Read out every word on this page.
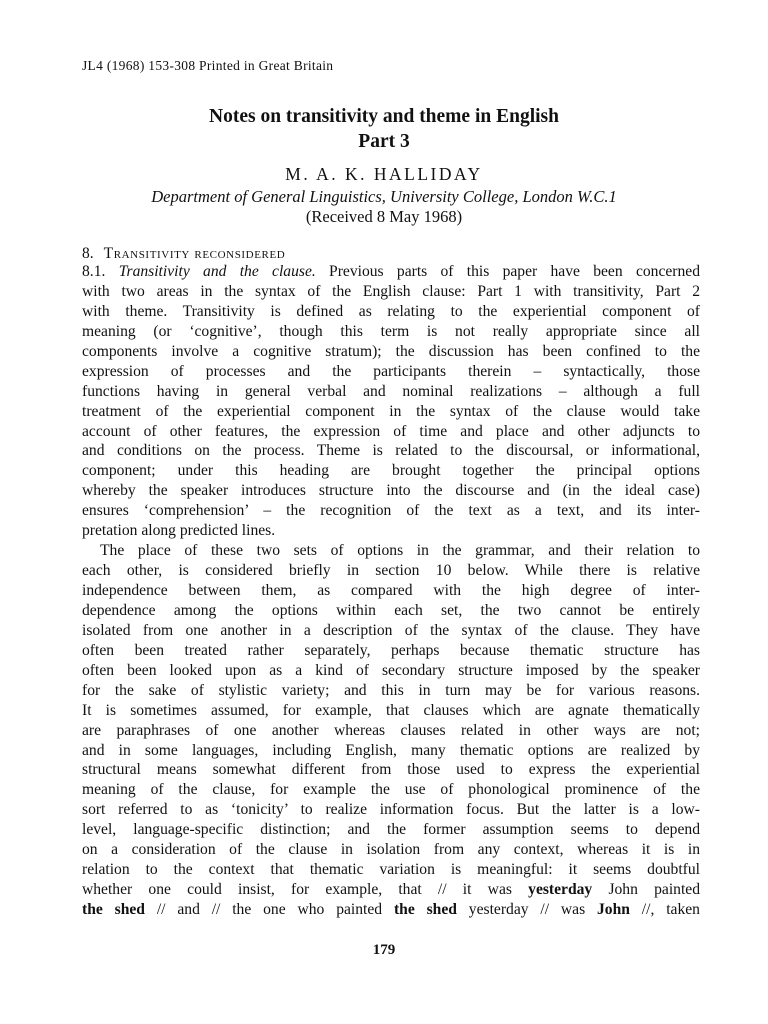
JL4 (1968) 153-308 Printed in Great Britain
Notes on transitivity and theme in English
Part 3
M. A. K. HALLIDAY
Department of General Linguistics, University College, London W.C.1
(Received 8 May 1968)
8. Transitivity reconsidered
8.1. Transitivity and the clause. Previous parts of this paper have been concerned
with two areas in the syntax of the English clause: Part 1 with transitivity, Part 2
with theme. Transitivity is defined as relating to the experiential component of
meaning (or ‘cognitive’, though this term is not really appropriate since all
components involve a cognitive stratum); the discussion has been confined to the
expression of processes and the participants therein – syntactically, those
functions having in general verbal and nominal realizations – although a full
treatment of the experiential component in the syntax of the clause would take
account of other features, the expression of time and place and other adjuncts to
and conditions on the process. Theme is related to the discoursal, or informational,
component; under this heading are brought together the principal options
whereby the speaker introduces structure into the discourse and (in the ideal case)
ensures ‘comprehension’ – the recognition of the text as a text, and its inter-
pretation along predicted lines.
The place of these two sets of options in the grammar, and their relation to
each other, is considered briefly in section 10 below. While there is relative
independence between them, as compared with the high degree of inter-
dependence among the options within each set, the two cannot be entirely
isolated from one another in a description of the syntax of the clause. They have
often been treated rather separately, perhaps because thematic structure has
often been looked upon as a kind of secondary structure imposed by the speaker
for the sake of stylistic variety; and this in turn may be for various reasons.
It is sometimes assumed, for example, that clauses which are agnate thematically
are paraphrases of one another whereas clauses related in other ways are not;
and in some languages, including English, many thematic options are realized by
structural means somewhat different from those used to express the experiential
meaning of the clause, for example the use of phonological prominence of the
sort referred to as ‘tonicity’ to realize information focus. But the latter is a low-
level, language-specific distinction; and the former assumption seems to depend
on a consideration of the clause in isolation from any context, whereas it is in
relation to the context that thematic variation is meaningful: it seems doubtful
whether one could insist, for example, that // it was yesterday John painted
the shed // and // the one who painted the shed yesterday // was John //, taken
179
